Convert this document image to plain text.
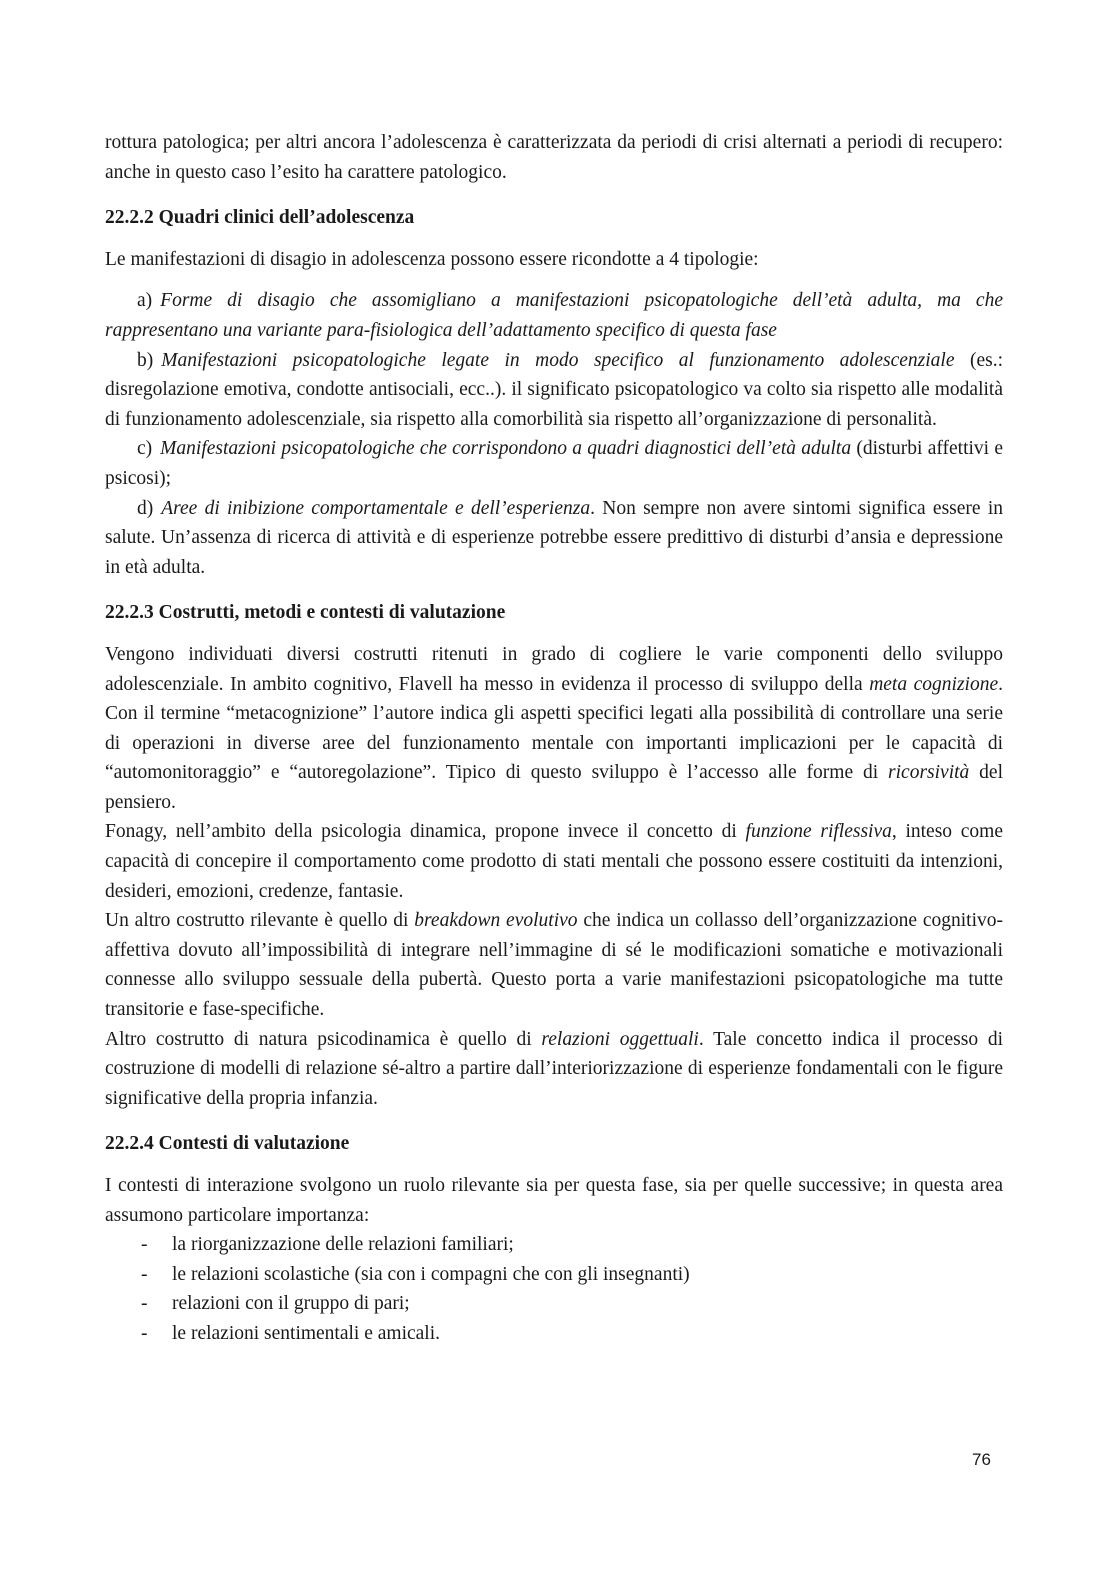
rottura patologica; per altri ancora l’adolescenza è caratterizzata da periodi di crisi alternati a periodi di recupero: anche in questo caso l’esito ha carattere patologico.

22.2.2 Quadri clinici dell’adolescenza

Le manifestazioni di disagio in adolescenza possono essere ricondotte a 4 tipologie:

a) Forme di disagio che assomigliano a manifestazioni psicopatologiche dell’età adulta, ma che rappresentano una variante para-fisiologica dell’adattamento specifico di questa fase

b) Manifestazioni psicopatologiche legate in modo specifico al funzionamento adolescenziale (es.: disregolazione emotiva, condotte antisociali, ecc..). il significato psicopatologico va colto sia rispetto alle modalità di funzionamento adolescenziale, sia rispetto alla comorbilità sia rispetto all’organizzazione di personalità.

c) Manifestazioni psicopatologiche che corrispondono a quadri diagnostici dell’età adulta (disturbi affettivi e psicosi);

d) Aree di inibizione comportamentale e dell’esperienza. Non sempre non avere sintomi significa essere in salute. Un’assenza di ricerca di attività e di esperienze potrebbe essere predittivo di disturbi d’ansia e depressione in età adulta.

22.2.3 Costrutti, metodi e contesti di valutazione

Vengono individuati diversi costrutti ritenuti in grado di cogliere le varie componenti dello sviluppo adolescenziale. In ambito cognitivo, Flavell ha messo in evidenza il processo di sviluppo della meta cognizione. Con il termine “metacognizione” l’autore indica gli aspetti specifici legati alla possibilità di controllare una serie di operazioni in diverse aree del funzionamento mentale con importanti implicazioni per le capacità di “automonitoraggio” e “autoregolazione”. Tipico di questo sviluppo è l’accesso alle forme di ricorsività del pensiero.

Fonagy, nell’ambito della psicologia dinamica, propone invece il concetto di funzione riflessiva, inteso come capacità di concepire il comportamento come prodotto di stati mentali che possono essere costituiti da intenzioni, desideri, emozioni, credenze, fantasie.

Un altro costrutto rilevante è quello di breakdown evolutivo che indica un collasso dell’organizzazione cognitivo-affettiva dovuto all’impossibilità di integrare nell’immagine di sé le modificazioni somatiche e motivazionali connesse allo sviluppo sessuale della pubertà. Questo porta a varie manifestazioni psicopatologiche ma tutte transitorie e fase-specifiche.

Altro costrutto di natura psicodinamica è quello di relazioni oggettuali. Tale concetto indica il processo di costruzione di modelli di relazione sé-altro a partire dall’interiorizzazione di esperienze fondamentali con le figure significative della propria infanzia.

22.2.4 Contesti di valutazione

I contesti di interazione svolgono un ruolo rilevante sia per questa fase, sia per quelle successive; in questa area assumono particolare importanza:

- la riorganizzazione delle relazioni familiari;
- le relazioni scolastiche (sia con i compagni che con gli insegnanti)
- relazioni con il gruppo di pari;
- le relazioni sentimentali e amicali.
76
